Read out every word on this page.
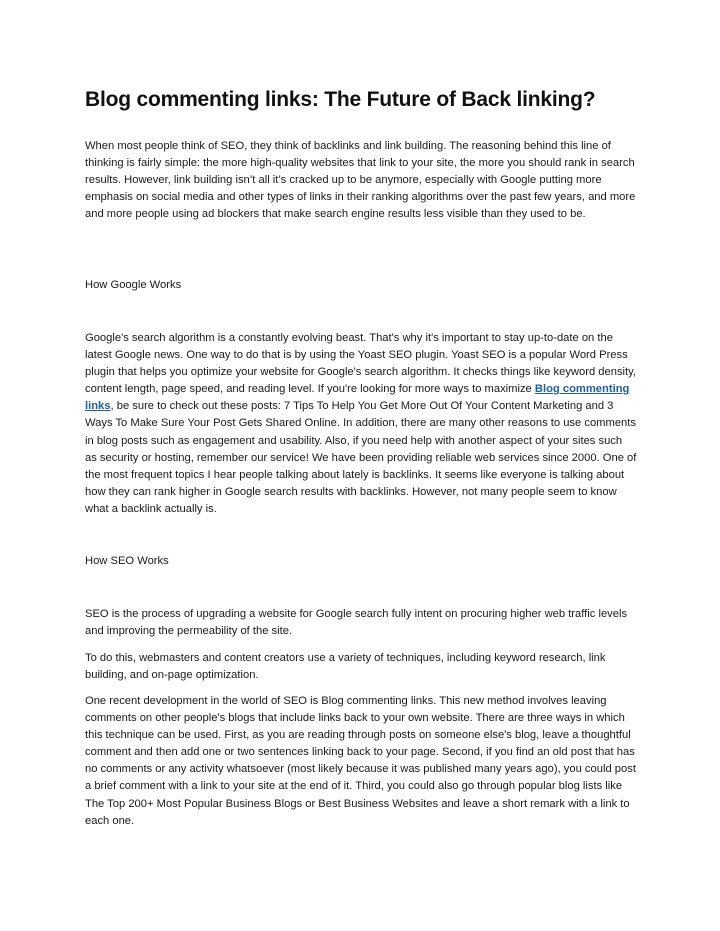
Blog commenting links: The Future of Back linking?

When most people think of SEO, they think of backlinks and link building. The reasoning behind this line of thinking is fairly simple: the more high-quality websites that link to your site, the more you should rank in search results. However, link building isn’t all it’s cracked up to be anymore, especially with Google putting more emphasis on social media and other types of links in their ranking algorithms over the past few years, and more and more people using ad blockers that make search engine results less visible than they used to be.

How Google Works

Google's search algorithm is a constantly evolving beast. That's why it's important to stay up-to-date on the latest Google news. One way to do that is by using the Yoast SEO plugin. Yoast SEO is a popular Word Press plugin that helps you optimize your website for Google's search algorithm. It checks things like keyword density, content length, page speed, and reading level. If you're looking for more ways to maximize Blog commenting links, be sure to check out these posts: 7 Tips To Help You Get More Out Of Your Content Marketing and 3 Ways To Make Sure Your Post Gets Shared Online. In addition, there are many other reasons to use comments in blog posts such as engagement and usability. Also, if you need help with another aspect of your sites such as security or hosting, remember our service! We have been providing reliable web services since 2000. One of the most frequent topics I hear people talking about lately is backlinks. It seems like everyone is talking about how they can rank higher in Google search results with backlinks. However, not many people seem to know what a backlink actually is.

How SEO Works

SEO is the process of upgrading a website for Google search fully intent on procuring higher web traffic levels and improving the permeability of the site.

To do this, webmasters and content creators use a variety of techniques, including keyword research, link building, and on-page optimization.

One recent development in the world of SEO is Blog commenting links. This new method involves leaving comments on other people's blogs that include links back to your own website. There are three ways in which this technique can be used. First, as you are reading through posts on someone else's blog, leave a thoughtful comment and then add one or two sentences linking back to your page. Second, if you find an old post that has no comments or any activity whatsoever (most likely because it was published many years ago), you could post a brief comment with a link to your site at the end of it. Third, you could also go through popular blog lists like The Top 200+ Most Popular Business Blogs or Best Business Websites and leave a short remark with a link to each one.
